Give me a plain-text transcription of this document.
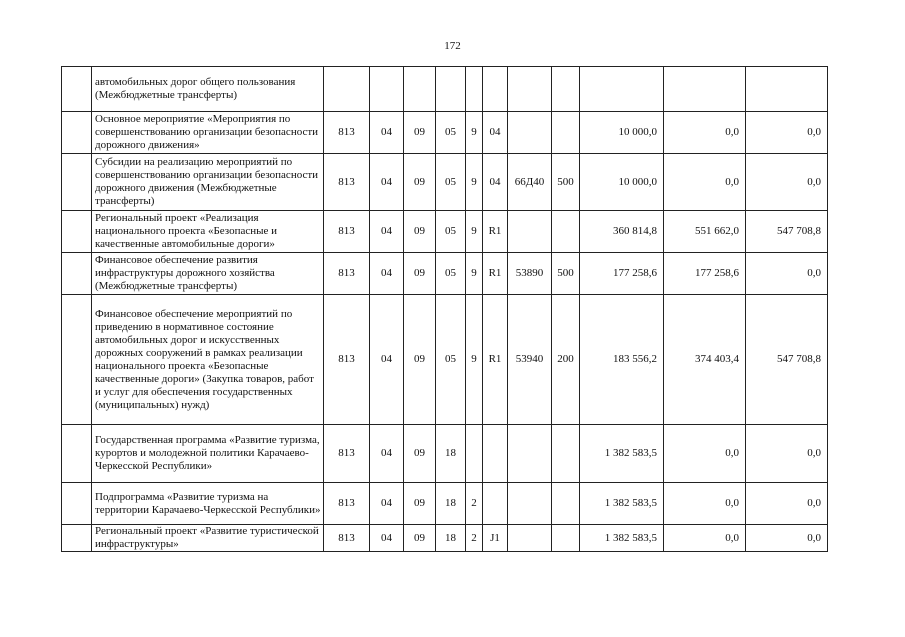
172
	автомобильных дорог общего пользования (Межбюджетные трансферты)											
	Основное мероприятие «Мероприятия по совершенствованию организации безопасности дорожного движения»	813	04	09	05	9	04			10 000,0	0,0	0,0
	Субсидии на реализацию мероприятий по совершенствованию организации безопасности дорожного движения (Межбюджетные трансферты)	813	04	09	05	9	04	66Д40	500	10 000,0	0,0	0,0
	Региональный проект «Реализация национального проекта «Безопасные и качественные автомобильные дороги»	813	04	09	05	9	R1			360 814,8	551 662,0	547 708,8
	Финансовое обеспечение развития инфраструктуры дорожного хозяйства (Межбюджетные трансферты)	813	04	09	05	9	R1	53890	500	177 258,6	177 258,6	0,0
	Финансовое обеспечение мероприятий по приведению в нормативное состояние автомобильных дорог и искусственных дорожных сооружений в рамках реализации национального проекта «Безопасные качественные дороги» (Закупка товаров, работ и услуг для обеспечения государственных (муниципальных) нужд)	813	04	09	05	9	R1	53940	200	183 556,2	374 403,4	547 708,8
	Государственная программа «Развитие туризма, курортов и молодежной политики Карачаево-Черкесской Республики»	813	04	09	18					1 382 583,5	0,0	0,0
	Подпрограмма «Развитие туризма на территории Карачаево-Черкесской Республики»	813	04	09	18	2				1 382 583,5	0,0	0,0
	Региональный проект «Развитие туристической инфраструктуры»	813	04	09	18	2	J1			1 382 583,5	0,0	0,0
